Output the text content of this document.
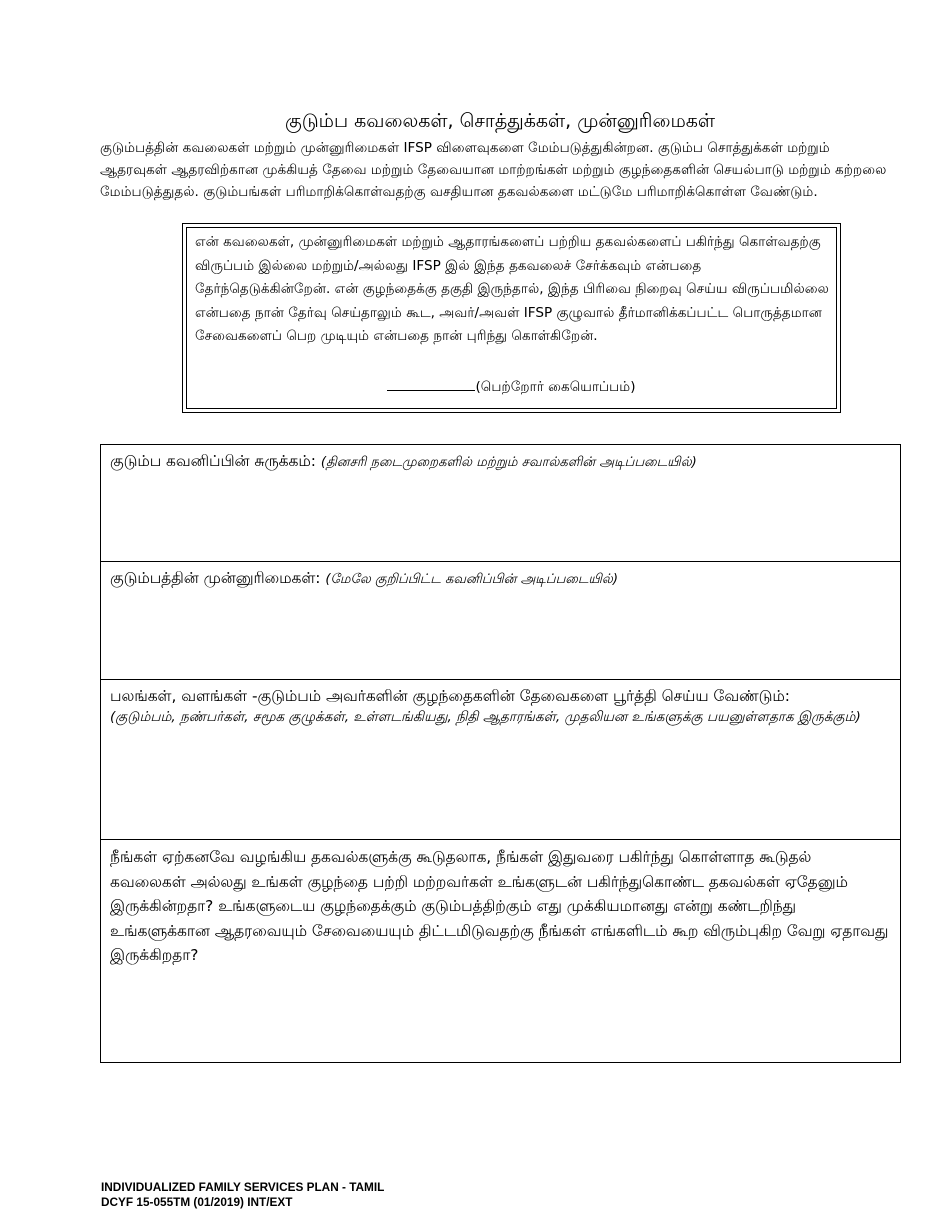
குடும்ப கவலைகள், சொத்துக்கள், முன்னுரிமைகள்
குடும்பத்தின் கவலைகள் மற்றும் முன்னுரிமைகள் IFSP விளைவுகளை மேம்படுத்துகின்றன. குடும்ப சொத்துக்கள் மற்றும் ஆதரவுகள் ஆதரவிற்கான முக்கியத் தேவை மற்றும் தேவையான மாற்றங்கள் மற்றும் குழந்தைகளின் செயல்பாடு மற்றும் கற்றலை மேம்படுத்துதல். குடும்பங்கள் பரிமாறிக்கொள்வதற்கு வசதியான தகவல்களை மட்டுமே பரிமாறிக்கொள்ள வேண்டும்.
என் கவலைகள், முன்னுரிமைகள் மற்றும் ஆதாரங்களைப் பற்றிய தகவல்களைப் பகிர்ந்து கொள்வதற்கு விருப்பம் இல்லை மற்றும்/அல்லது IFSP இல் இந்த தகவலைச் சேர்க்கவும் என்பதை தேர்ந்தெடுக்கின்றேன். என் குழந்தைக்கு தகுதி இருந்தால், இந்த பிரிவை நிறைவு செய்ய விருப்பமில்லை என்பதை நான் தேர்வு செய்தாலும் கூட, அவர்/அவள் IFSP குழுவால் தீர்மானிக்கப்பட்ட பொருத்தமான சேவைகளைப் பெற முடியும் என்பதை நான் புரிந்து கொள்கிறேன்.
(பெற்றோர் கையொப்பம்)
குடும்ப கவனிப்பின் சுருக்கம்: (தினசரி நடைமுறைகளில் மற்றும் சவால்களின் அடிப்படையில்)
குடும்பத்தின் முன்னுரிமைகள்: (மேலே குறிப்பிட்ட கவனிப்பின் அடிப்படையில்)
பலங்கள், வளங்கள் -குடும்பம் அவர்களின் குழந்தைகளின் தேவைகளை பூர்த்தி செய்ய வேண்டும்:
(குடும்பம், நண்பர்கள், சமூக குழுக்கள், உள்ளடங்கியது, நிதி ஆதாரங்கள், முதலியன உங்களுக்கு பயனுள்ளதாக இருக்கும்)
நீங்கள் ஏற்கனவே வழங்கிய தகவல்களுக்கு கூடுதலாக, நீங்கள் இதுவரை பகிர்ந்து கொள்ளாத கூடுதல் கவலைகள் அல்லது உங்கள் குழந்தை பற்றி மற்றவர்கள் உங்களுடன் பகிர்ந்துகொண்ட தகவல்கள் ஏதேனும் இருக்கின்றதா? உங்களுடைய குழந்தைக்கும் குடும்பத்திற்கும் எது முக்கியமானது என்று கண்டறிந்து உங்களுக்கான ஆதரவையும் சேவையையும் திட்டமிடுவதற்கு நீங்கள் எங்களிடம் கூற விரும்புகிற வேறு ஏதாவது இருக்கிறதா?
INDIVIDUALIZED FAMILY SERVICES PLAN - TAMIL
DCYF 15-055TM (01/2019) INT/EXT
